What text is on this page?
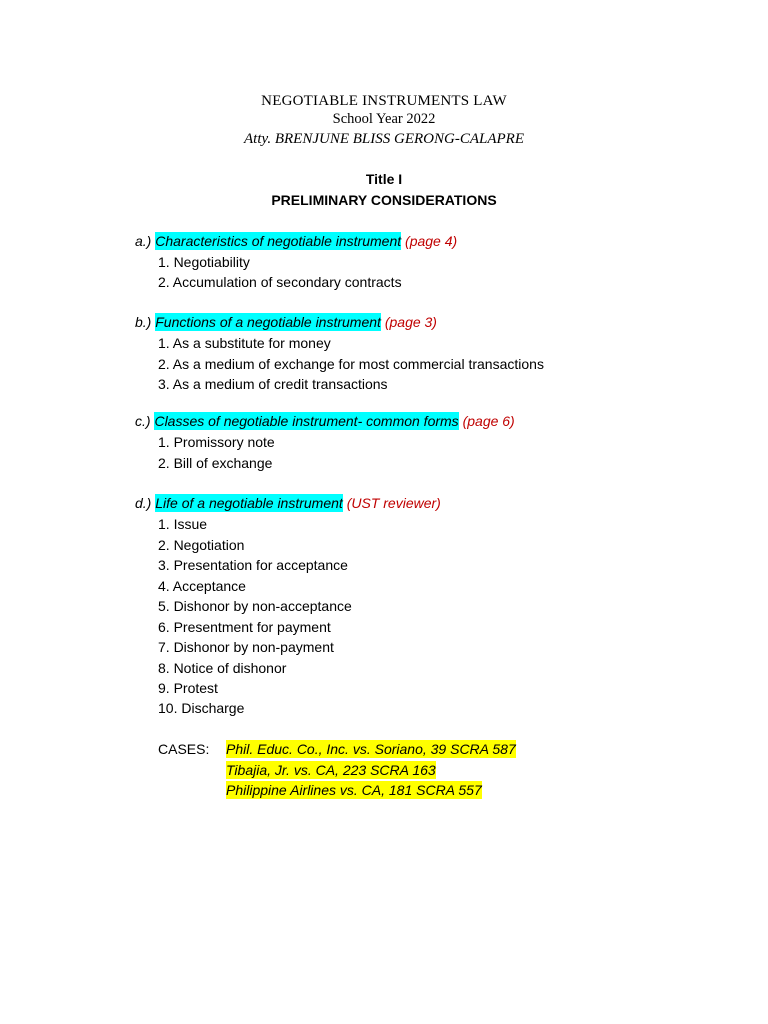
NEGOTIABLE INSTRUMENTS LAW
School Year 2022
Atty. BRENJUNE BLISS GERONG-CALAPRE
Title I
PRELIMINARY CONSIDERATIONS
a.) Characteristics of negotiable instrument (page 4)
1. Negotiability
2. Accumulation of secondary contracts
b.) Functions of a negotiable instrument (page 3)
1. As a substitute for money
2. As a medium of exchange for most commercial transactions
3. As a medium of credit transactions
c.) Classes of negotiable instrument- common forms (page 6)
1. Promissory note
2. Bill of exchange
d.) Life of a negotiable instrument (UST reviewer)
1. Issue
2. Negotiation
3. Presentation for acceptance
4. Acceptance
5. Dishonor by non-acceptance
6. Presentment for payment
7. Dishonor by non-payment
8. Notice of dishonor
9. Protest
10. Discharge
CASES: Phil. Educ. Co., Inc. vs. Soriano, 39 SCRA 587
Tibajia, Jr. vs. CA, 223 SCRA 163
Philippine Airlines vs. CA, 181 SCRA 557
